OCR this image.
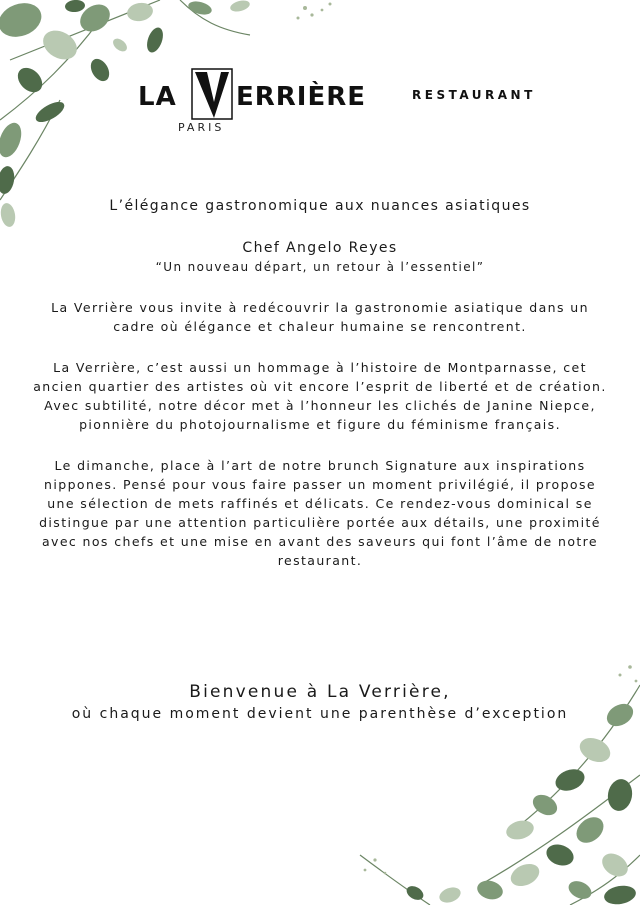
LA ERRIÈRE
PARIS
RESTAURANT

L’élégance gastronomique aux nuances asiatiques

Chef Angelo Reyes

“Un nouveau départ, un retour à l’essentiel”

La Verrière vous invite à redécouvrir la gastronomie asiatique dans un cadre où élégance et chaleur humaine se rencontrent.

La Verrière, c’est aussi un hommage à l’histoire de Montparnasse, cet ancien quartier des artistes où vit encore l’esprit de liberté et de création. Avec subtilité, notre décor met à l’honneur les clichés de Janine Niepce, pionnière du photojournalisme et figure du féminisme français.

Le dimanche, place à l’art de notre brunch Signature aux inspirations nippones. Pensé pour vous faire passer un moment privilégié, il propose une sélection de mets raffinés et délicats. Ce rendez-vous dominical se distingue par une attention particulière portée aux détails, une proximité avec nos chefs et une mise en avant des saveurs qui font l’âme de notre restaurant.

Bienvenue à La Verrière,

où chaque moment devient une parenthèse d’exception
